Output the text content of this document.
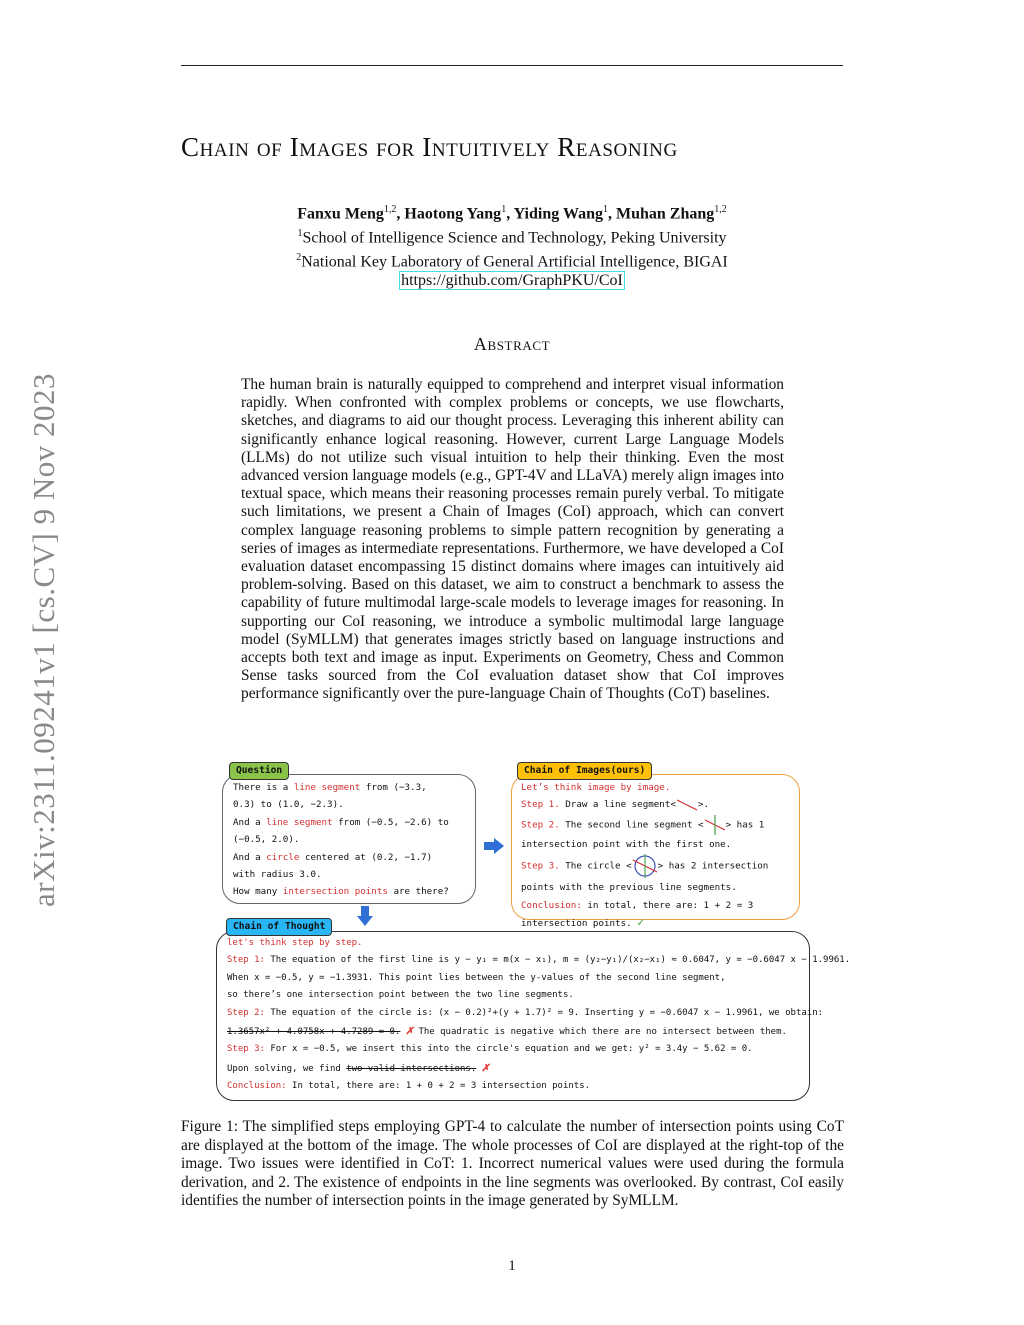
arXiv:2311.09241v1 [cs.CV] 9 Nov 2023
Chain of Images for Intuitively Reasoning
Fanxu Meng$^{1,2}$, Haotong Yang$^1$, Yiding Wang$^1$, Muhan Zhang$^{1,2}$
$^1$School of Intelligence Science and Technology, Peking University
$^2$National Key Laboratory of General Artificial Intelligence, BIGAI
https://github.com/GraphPKU/CoI
Abstract
The human brain is naturally equipped to comprehend and interpret visual information rapidly. When confronted with complex problems or concepts, we use flowcharts, sketches, and diagrams to aid our thought process. Leveraging this inherent ability can significantly enhance logical reasoning. However, current Large Language Models (LLMs) do not utilize such visual intuition to help their thinking. Even the most advanced version language models (e.g., GPT-4V and LLaVA) merely align images into textual space, which means their reasoning processes remain purely verbal. To mitigate such limitations, we present a Chain of Images (CoI) approach, which can convert complex language reasoning problems to simple pattern recognition by generating a series of images as intermediate representations. Furthermore, we have developed a CoI evaluation dataset encompassing 15 distinct domains where images can intuitively aid problem-solving. Based on this dataset, we aim to construct a benchmark to assess the capability of future multimodal large-scale models to leverage images for reasoning. In supporting our CoI reasoning, we introduce a symbolic multimodal large language model (SyMLLM) that generates images strictly based on language instructions and accepts both text and image as input. Experiments on Geometry, Chess and Common Sense tasks sourced from the CoI evaluation dataset show that CoI improves performance significantly over the pure-language Chain of Thoughts (CoT) baselines.
Question
There is a line segment from (−3.3,
0.3) to (1.0, −2.3).
And a line segment from (−0.5, −2.6) to
(−0.5, 2.0).
And a circle centered at (0.2, −1.7)
with radius 3.0.
How many intersection points are there?
Chain of Images(ours)
Let’s think image by image.
Step 1. Draw a line segment< >.
Step 2. The second line segment < > has 1
intersection point with the first one.
Step 3. The circle <	> has 2 intersection
points with the previous line segments.
Conclusion: in total, there are: 1 + 2 = 3
intersection points. ✓
Chain of Thought
let's think step by step.
Step 1: The equation of the first line is y − y₁ = m(x − x₁), m = (y₂−y₁)/(x₂−x₁) ≈ 0.6047, y = −0.6047 x − 1.9961.
When x = −0.5, y = −1.3931. This point lies between the y-values of the second line segment,
so there’s one intersection point between the two line segments.
Step 2: The equation of the circle is: (x − 0.2)²+(y + 1.7)² = 9. Inserting y = −0.6047 x − 1.9961, we obtain:
1.3657x² + 4.0758x + 4.7289 = 0. ✗ The quadratic is negative which there are no intersect between them.
Step 3: For x = −0.5, we insert this into the circle's equation and we get: y² = 3.4y − 5.62 = 0.
Upon solving, we find two valid intersections. ✗
Conclusion: In total, there are: 1 + 0 + 2 = 3 intersection points.
Figure 1: The simplified steps employing GPT-4 to calculate the number of intersection points using CoT are displayed at the bottom of the image. The whole processes of CoI are displayed at the right-top of the image. Two issues were identified in CoT: 1. Incorrect numerical values were used during the formula derivation, and 2. The existence of endpoints in the line segments was overlooked. By contrast, CoI easily identifies the number of intersection points in the image generated by SyMLLM.
1
